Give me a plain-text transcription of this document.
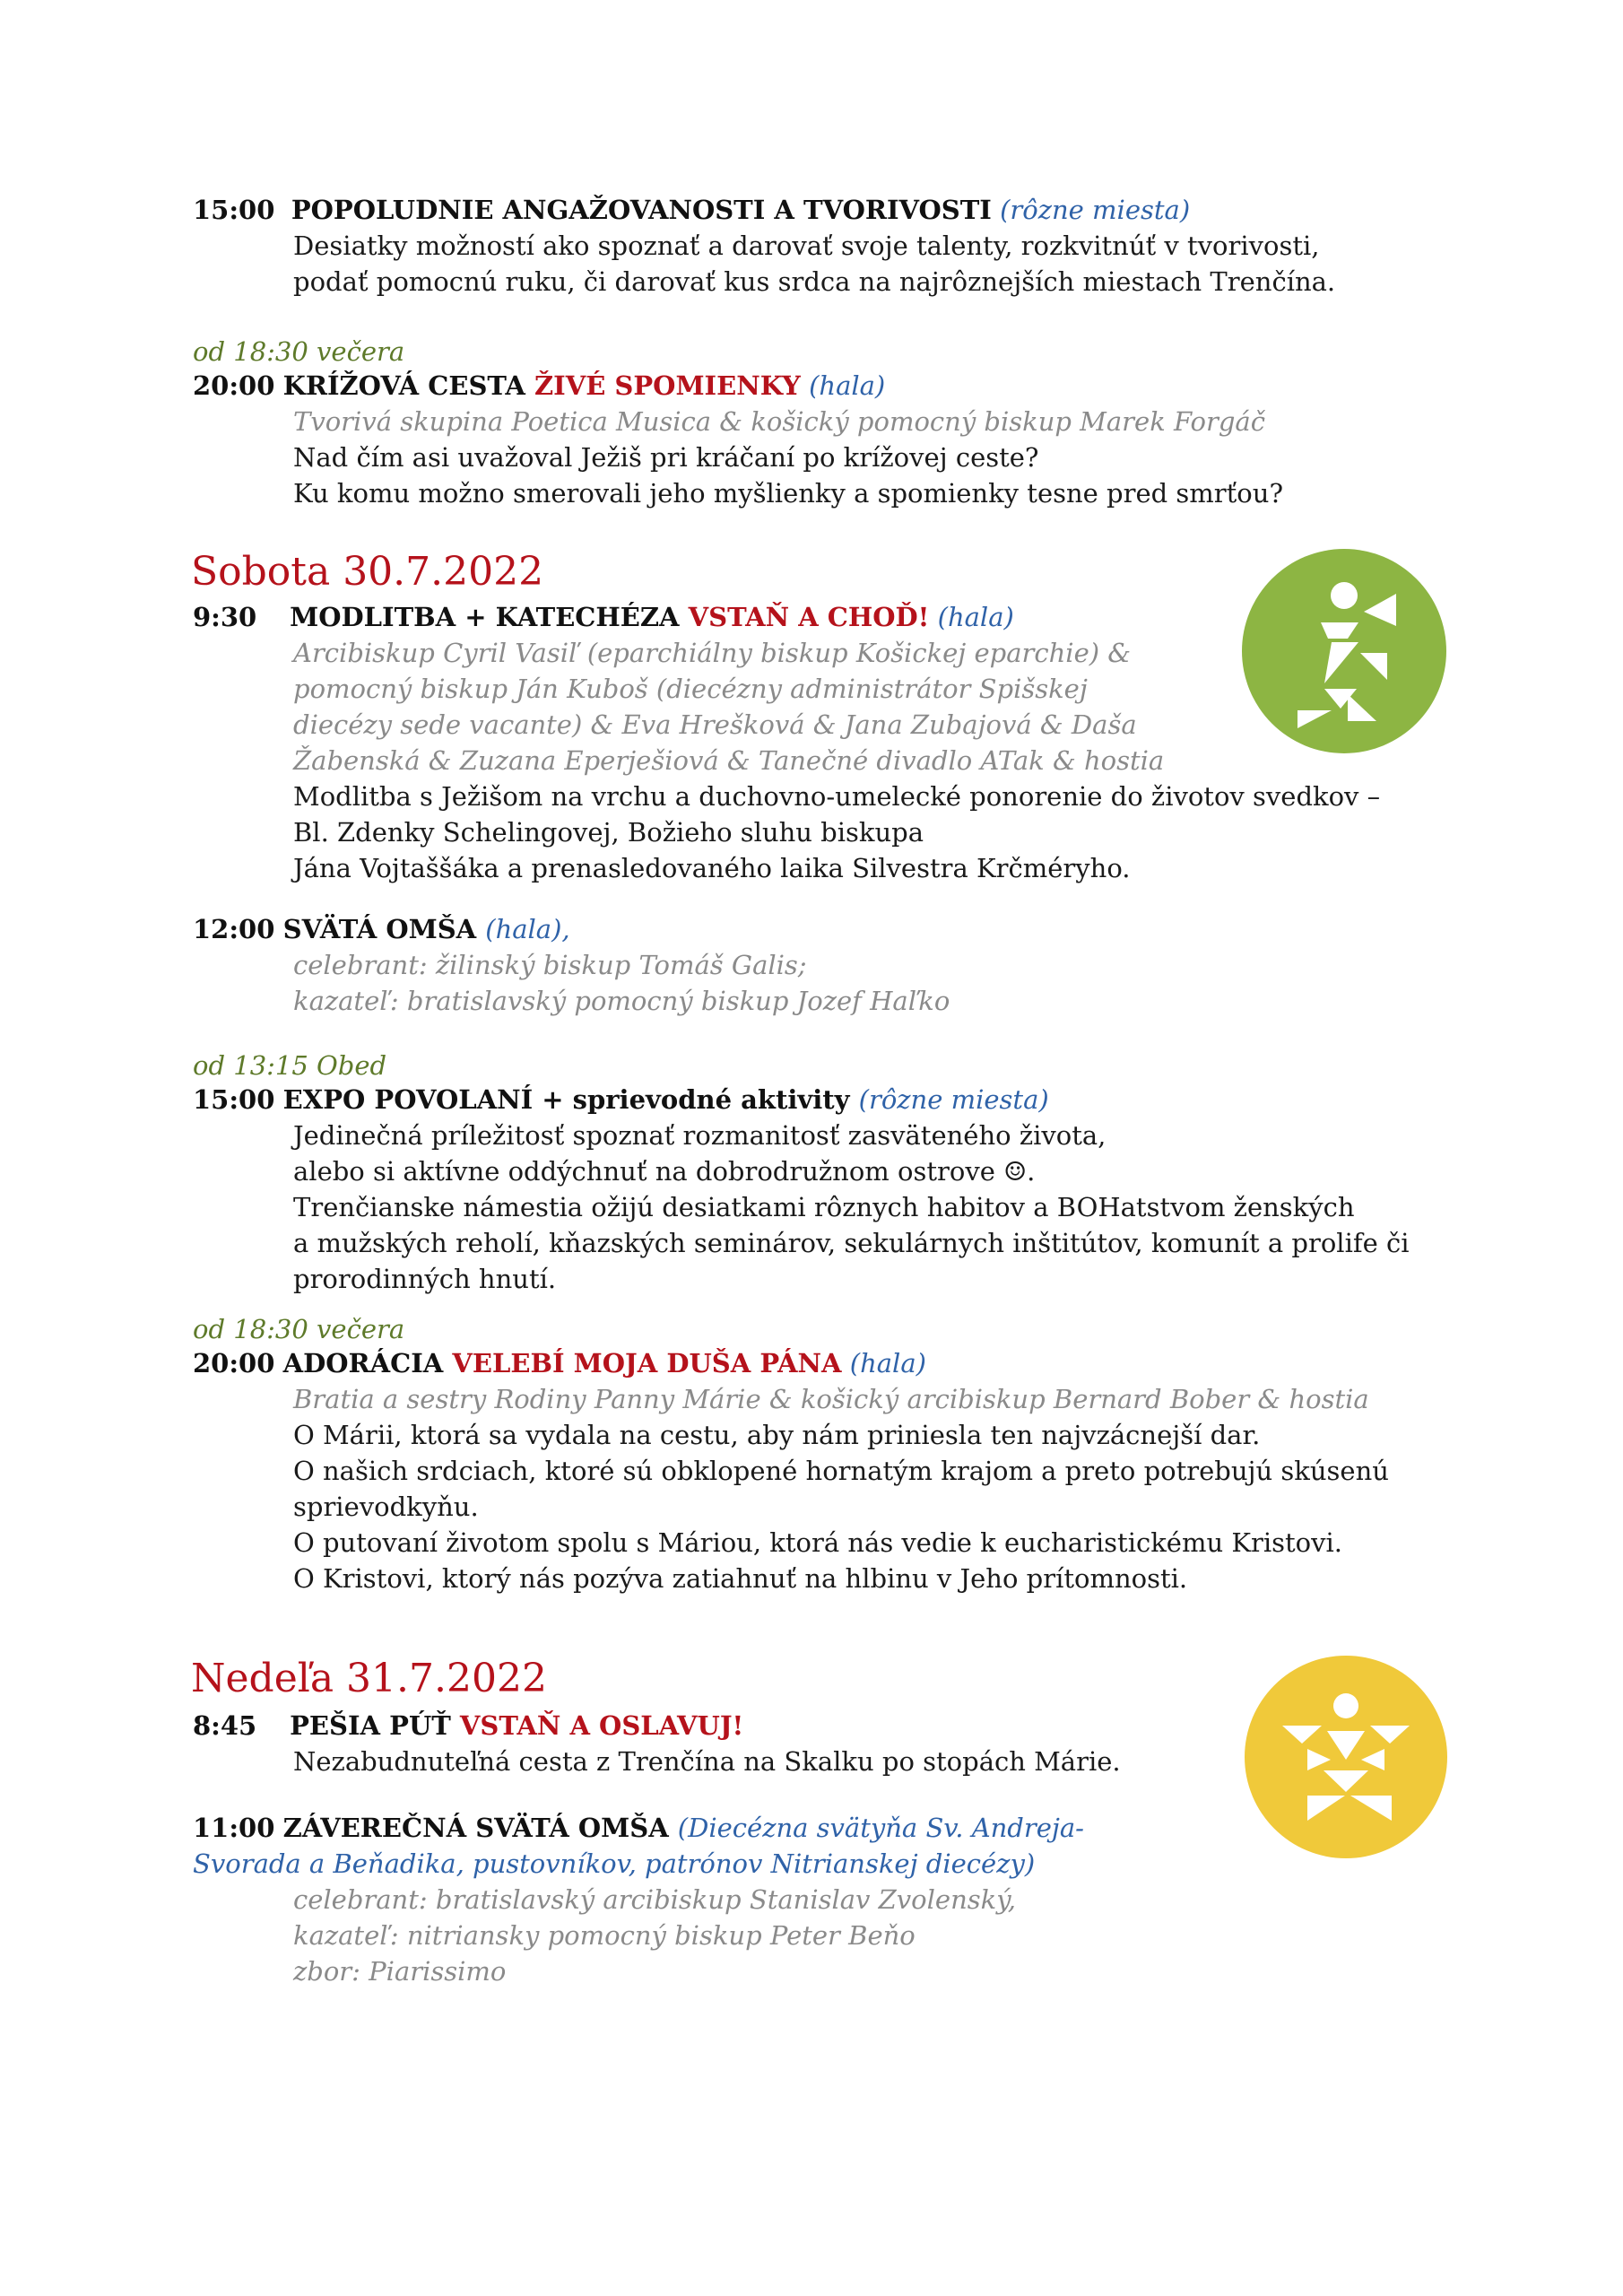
15:00 POPOLUDNIE ANGAŽOVANOSTI A TVORIVOSTI (rôzne miesta)
Desiatky možností ako spoznať a darovať svoje talenty, rozkvitnúť v tvorivosti,
podať pomocnú ruku, či darovať kus srdca na najrôznejších miestach Trenčína.
od 18:30 večera
20:00 KRÍŽOVÁ CESTA ŽIVÉ SPOMIENKY (hala)
Tvorivá skupina Poetica Musica & košický pomocný biskup Marek Forgáč
Nad čím asi uvažoval Ježiš pri kráčaní po krížovej ceste?
Ku komu možno smerovali jeho myšlienky a spomienky tesne pred smrťou?
Sobota 30.7.2022
9:30 MODLITBA + KATECHÉZA VSTAŇ A CHOĎ! (hala)
Arcibiskup Cyril Vasiľ (eparchiálny biskup Košickej eparchie) &
pomocný biskup Ján Kuboš (diecézny administrátor Spišskej
diecézy sede vacante) & Eva Hrešková & Jana Zubajová & Daša
Žabenská & Zuzana Eperješiová & Tanečné divadlo ATak & hostia
Modlitba s Ježišom na vrchu a duchovno-umelecké ponorenie do životov svedkov –
Bl. Zdenky Schelingovej, Božieho sluhu biskupa
Jána Vojtaššáka a prenasledovaného laika Silvestra Krčméryho.
12:00 SVÄTÁ OMŠA (hala),
celebrant: žilinský biskup Tomáš Galis;
kazateľ: bratislavský pomocný biskup Jozef Haľko
od 13:15 Obed
15:00 EXPO POVOLANÍ + sprievodné aktivity (rôzne miesta)
Jedinečná príležitosť spoznať rozmanitosť zasväteného života,
alebo si aktívne oddýchnuť na dobrodružnom ostrove ☺.
Trenčianske námestia ožijú desiatkami rôznych habitov a BOHatstvom ženských
a mužských reholí, kňazských seminárov, sekulárnych inštitútov, komunít a prolife či
prorodinných hnutí.
od 18:30 večera
20:00 ADORÁCIA VELEBÍ MOJA DUŠA PÁNA (hala)
Bratia a sestry Rodiny Panny Márie & košický arcibiskup Bernard Bober & hostia
O Márii, ktorá sa vydala na cestu, aby nám priniesla ten najvzácnejší dar.
O našich srdciach, ktoré sú obklopené hornatým krajom a preto potrebujú skúsenú
sprievodkyňu.
O putovaní životom spolu s Máriou, ktorá nás vedie k eucharistickému Kristovi.
O Kristovi, ktorý nás pozýva zatiahnuť na hlbinu v Jeho prítomnosti.
Nedeľa 31.7.2022
8:45 PEŠIA PÚŤ VSTAŇ A OSLAVUJ!
Nezabudnuteľná cesta z Trenčína na Skalku po stopách Márie.
11:00 ZÁVEREČNÁ SVÄTÁ OMŠA (Diecézna svätyňa Sv. Andreja-
Svorada a Beňadika, pustovníkov, patrónov Nitrianskej diecézy)
celebrant: bratislavský arcibiskup Stanislav Zvolenský,
kazateľ: nitriansky pomocný biskup Peter Beňo
zbor: Piarissimo
